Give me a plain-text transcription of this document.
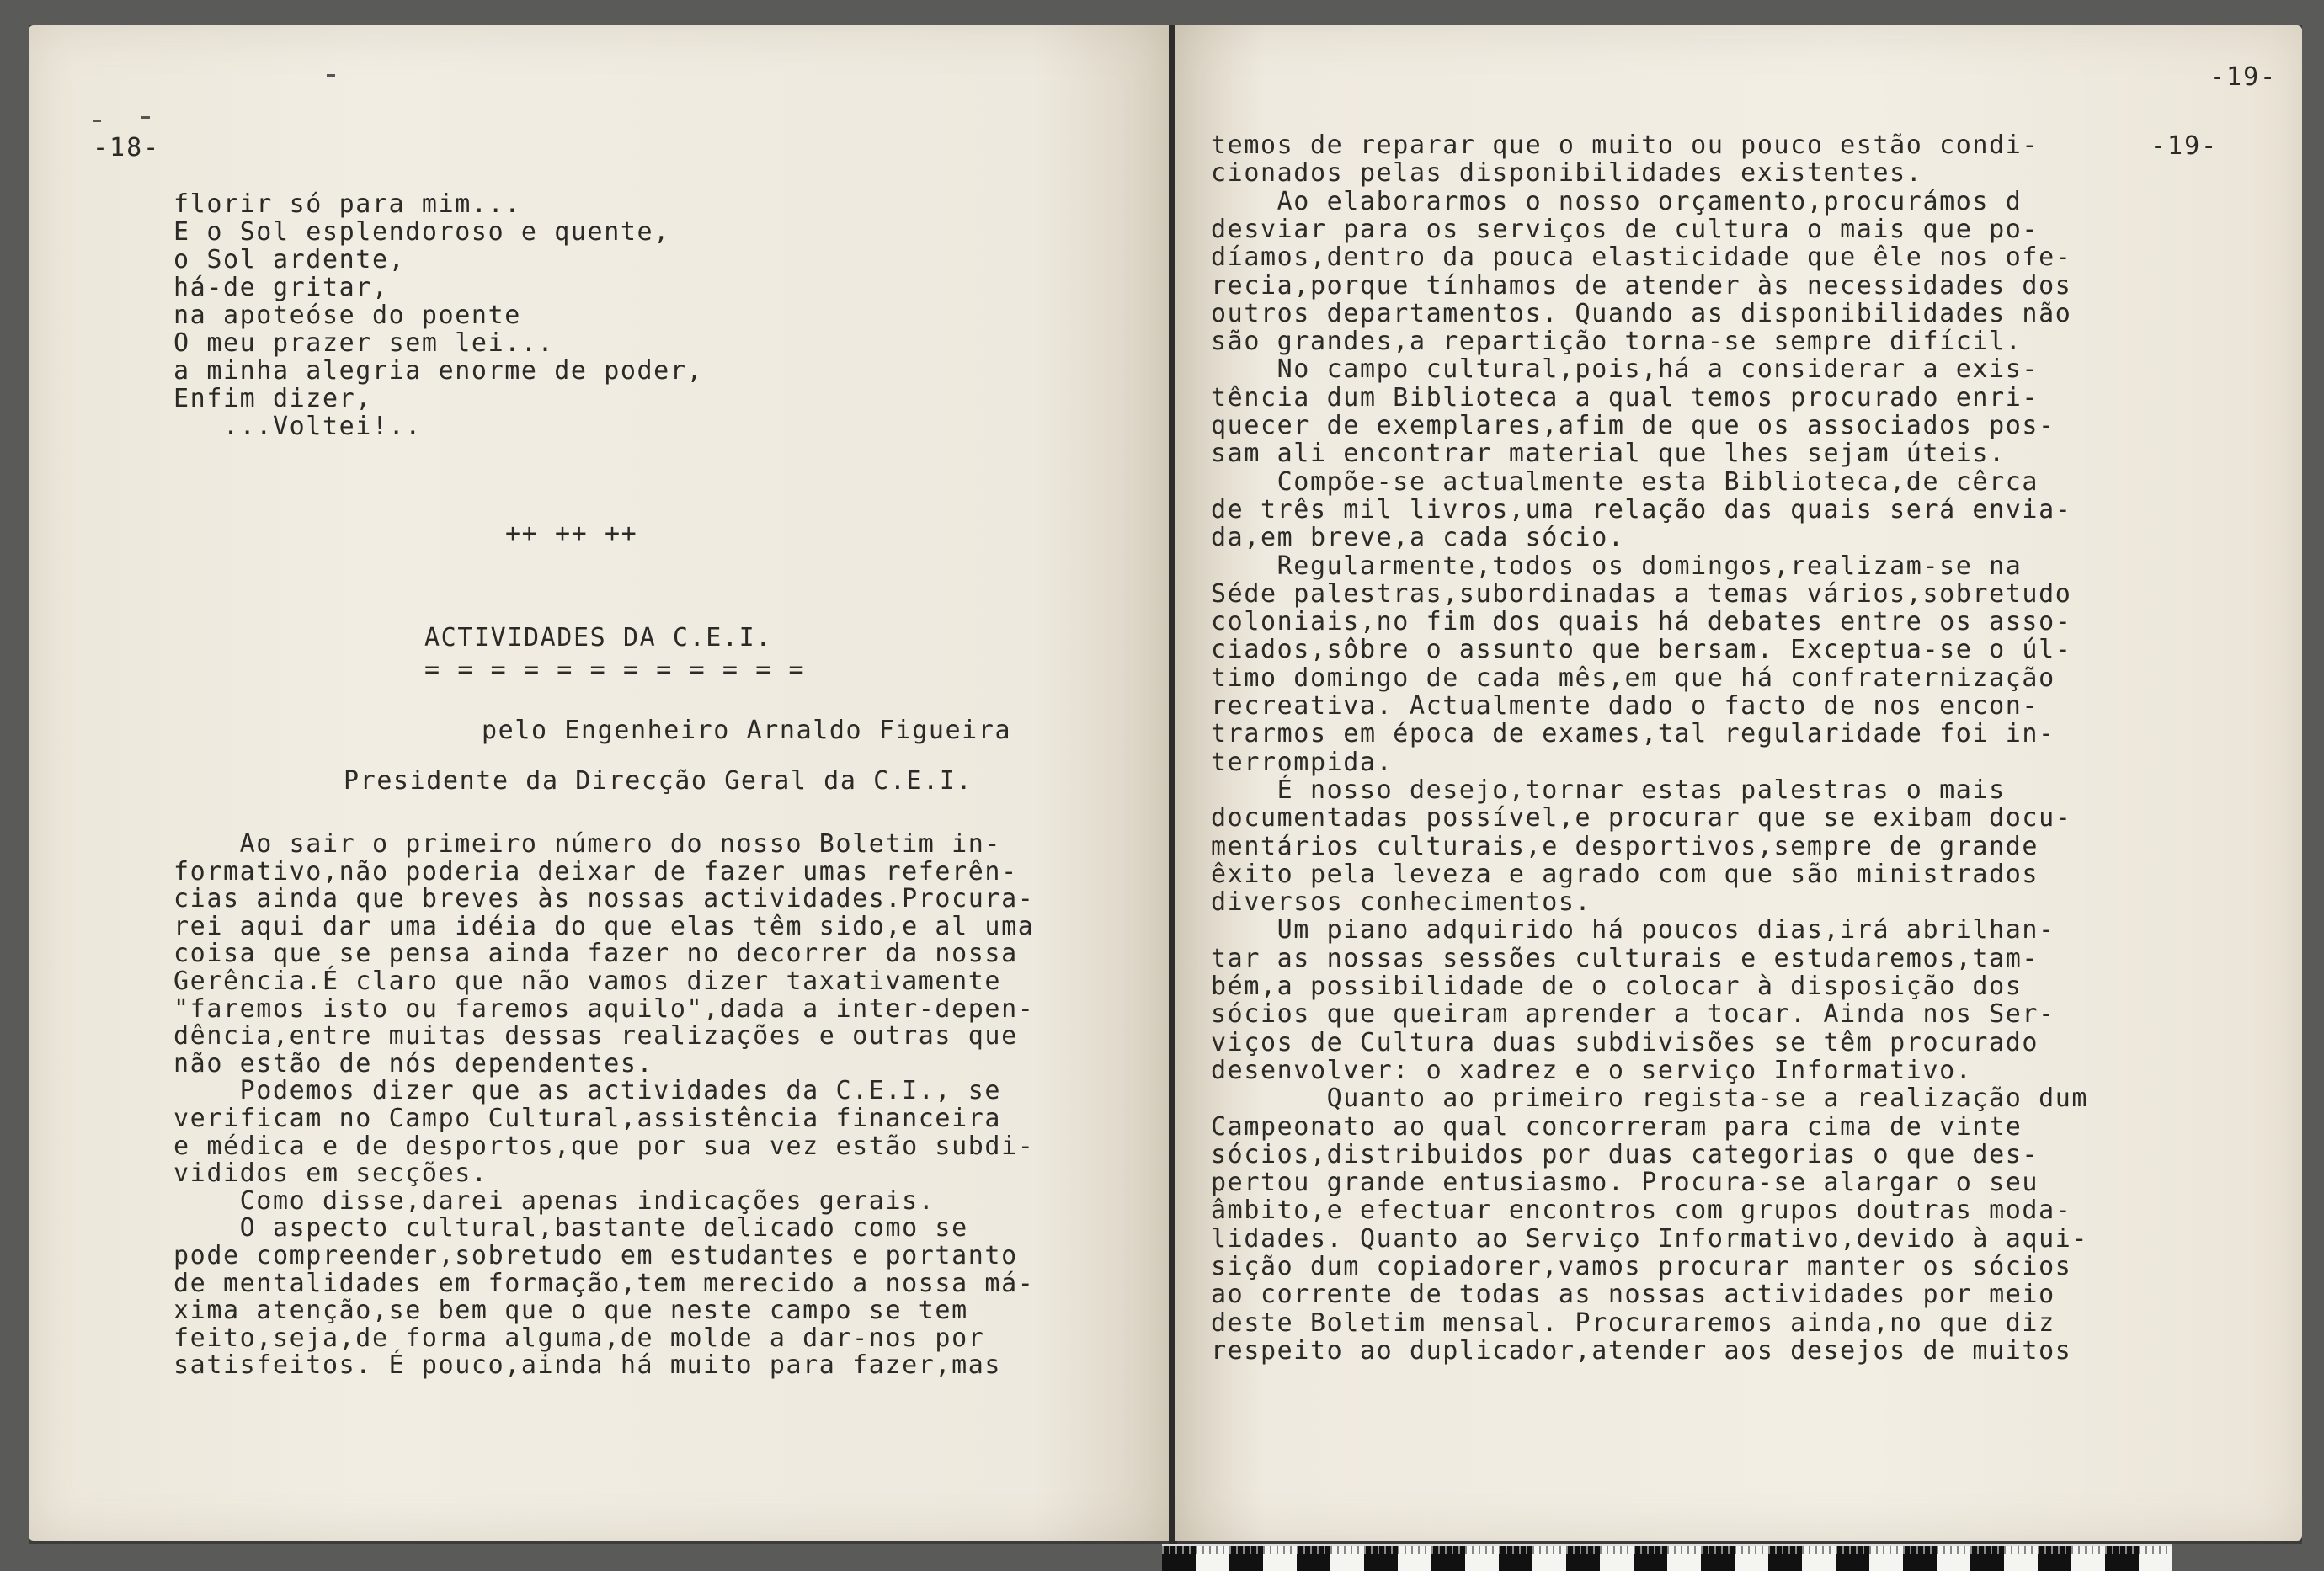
-18-
florir só para mim...
E o Sol esplendoroso e quente,
o Sol ardente,
há-de gritar,
na apoteóse do poente
O meu prazer sem lei...
a minha alegria enorme de poder,
Enfim dizer,
...Voltei!..
++ ++ ++
ACTIVIDADES DA C.E.I.
= = = = = = = = = = = =
pelo Engenheiro Arnaldo Figueira
Presidente da Direcção Geral da C.E.I.
Ao sair o primeiro número do nosso Boletim in-
formativo,não poderia deixar de fazer umas referên-
cias ainda que breves às nossas actividades.Procura-
rei aqui dar uma idéia do que elas têm sido,e al uma
coisa que se pensa ainda fazer no decorrer da nossa
Gerência.É claro que não vamos dizer taxativamente
"faremos isto ou faremos aquilo",dada a inter-depen-
dência,entre muitas dessas realizações e outras que
não estão de nós dependentes.
Podemos dizer que as actividades da C.E.I., se
verificam no Campo Cultural,assistência financeira
e médica e de desportos,que por sua vez estão subdi-
vididos em secções.
Como disse,darei apenas indicações gerais.
O aspecto cultural,bastante delicado como se
pode compreender,sobretudo em estudantes e portanto
de mentalidades em formação,tem merecido a nossa má-
xima atenção,se bem que o que neste campo se tem
feito,seja,de forma alguma,de molde a dar-nos por
satisfeitos. É pouco,ainda há muito para fazer,mas
-19-
-19-
temos de reparar que o muito ou pouco estão condi-
cionados pelas disponibilidades existentes.
Ao elaborarmos o nosso orçamento,procurámos d
desviar para os serviços de cultura o mais que po-
díamos,dentro da pouca elasticidade que êle nos ofe-
recia,porque tínhamos de atender às necessidades dos
outros departamentos. Quando as disponibilidades não
são grandes,a repartição torna-se sempre difícil.
No campo cultural,pois,há a considerar a exis-
tência dum Biblioteca a qual temos procurado enri-
quecer de exemplares,afim de que os associados pos-
sam ali encontrar material que lhes sejam úteis.
Compõe-se actualmente esta Biblioteca,de cêrca
de três mil livros,uma relação das quais será envia-
da,em breve,a cada sócio.
Regularmente,todos os domingos,realizam-se na
Séde palestras,subordinadas a temas vários,sobretudo
coloniais,no fim dos quais há debates entre os asso-
ciados,sôbre o assunto que bersam. Exceptua-se o úl-
timo domingo de cada mês,em que há confraternização
recreativa. Actualmente dado o facto de nos encon-
trarmos em época de exames,tal regularidade foi in-
terrompida.
É nosso desejo,tornar estas palestras o mais
documentadas possível,e procurar que se exibam docu-
mentários culturais,e desportivos,sempre de grande
êxito pela leveza e agrado com que são ministrados
diversos conhecimentos.
Um piano adquirido há poucos dias,irá abrilhan-
tar as nossas sessões culturais e estudaremos,tam-
bém,a possibilidade de o colocar à disposição dos
sócios que queiram aprender a tocar. Ainda nos Ser-
viços de Cultura duas subdivisões se têm procurado
desenvolver: o xadrez e o serviço Informativo.
Quanto ao primeiro regista-se a realização dum
Campeonato ao qual concorreram para cima de vinte
sócios,distribuidos por duas categorias o que des-
pertou grande entusiasmo. Procura-se alargar o seu
âmbito,e efectuar encontros com grupos doutras moda-
lidades. Quanto ao Serviço Informativo,devido à aqui-
sição dum copiadorer,vamos procurar manter os sócios
ao corrente de todas as nossas actividades por meio
deste Boletim mensal. Procuraremos ainda,no que diz
respeito ao duplicador,atender aos desejos de muitos
